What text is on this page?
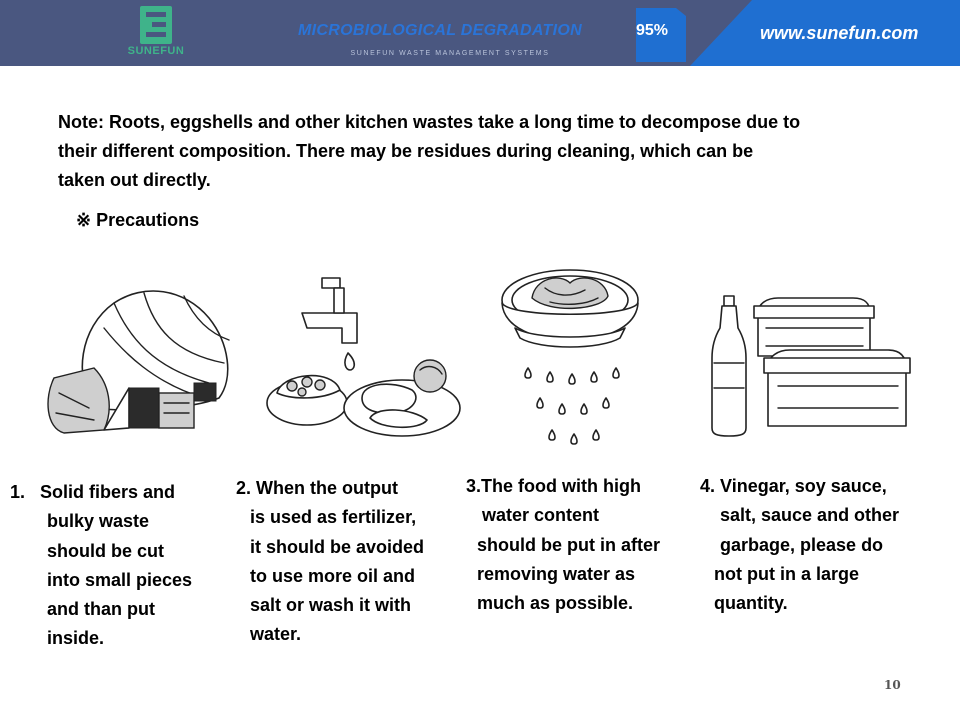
SUNEFUN
MICROBIOLOGICAL DEGRADATION
SUNEFUN WASTE MANAGEMENT SYSTEMS
95%	www.sunefun.com
Note: Roots, eggshells and other kitchen wastes take a long time to decompose due to
their different composition. There may be residues during cleaning, which can be
taken out directly.
※ Precautions
1.   Solid fibers and
bulky waste
should be cut
into small pieces
and than put
inside.
2. When the output
is used as fertilizer,
it should be avoided
to use more oil and
salt or wash it with
water.
3.The food with high
water content
should be put in after
removing water as
much as possible.
4. Vinegar, soy sauce,
salt, sauce and other
garbage, please do
not put in a large
quantity.
10
